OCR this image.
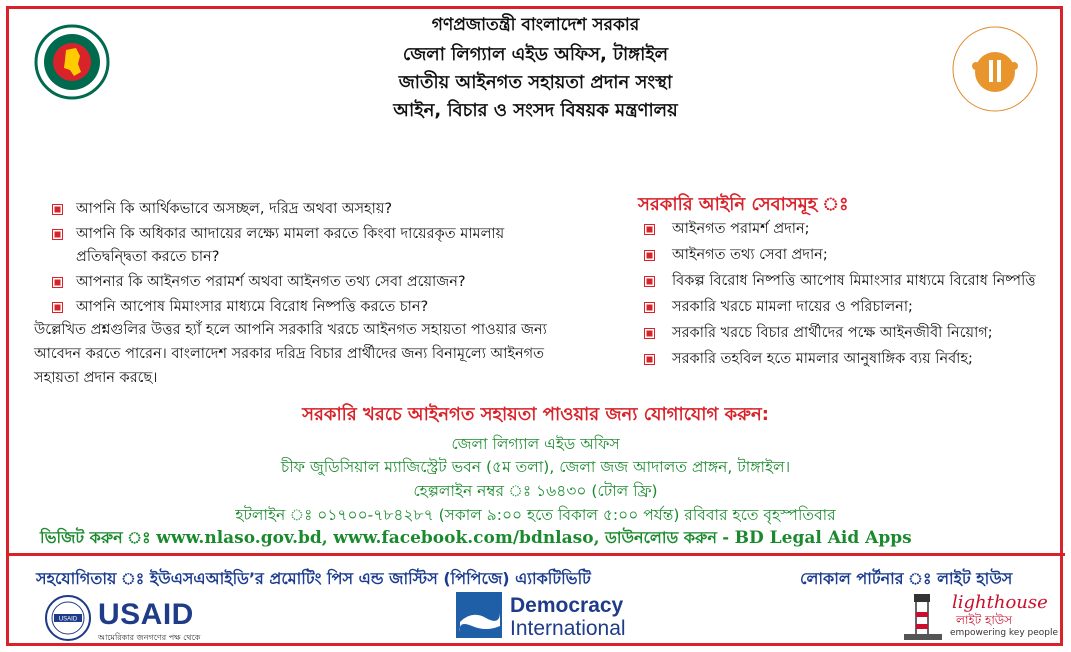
গণপ্রজাতন্ত্রী বাংলাদেশ সরকার
জেলা লিগ্যাল এইড অফিস, টাঙ্গাইল
জাতীয় আইনগত সহায়তা প্রদান সংস্থা
আইন, বিচার ও সংসদ বিষয়ক মন্ত্রণালয়
আপনি কি আর্থিকভাবে অসচ্ছল, দরিদ্র অথবা অসহায়?
আপনি কি অধিকার আদায়ের লক্ষ্যে মামলা করতে কিংবা দায়েরকৃত মামলায় প্রতিদ্বন্দ্বিতা করতে চান?
আপনার কি আইনগত পরামর্শ অথবা আইনগত তথ্য সেবা প্রয়োজন?
আপনি আপোষ মিমাংসার মাধ্যমে বিরোধ নিষ্পত্তি করতে চান?
উল্লেখিত প্রশ্নগুলির উত্তর হ্যাঁ হলে আপনি সরকারি খরচে আইনগত সহায়তা পাওয়ার জন্য আবেদন করতে পারেন। বাংলাদেশ সরকার দরিদ্র বিচার প্রার্থীদের জন্য বিনামূল্যে আইনগত সহায়তা প্রদান করছে।
সরকারি আইনি সেবাসমূহ ঃ
আইনগত পরামর্শ প্রদান;
আইনগত তথ্য সেবা প্রদান;
বিকল্প বিরোধ নিষ্পত্তি আপোষ মিমাংসার মাধ্যমে বিরোধ নিষ্পত্তি
সরকারি খরচে মামলা দায়ের ও পরিচালনা;
সরকারি খরচে বিচার প্রার্থীদের পক্ষে আইনজীবী নিয়োগ;
সরকারি তহবিল হতে মামলার আনুষাঙ্গিক ব্যয় নির্বাহ;
সরকারি খরচে আইনগত সহায়তা পাওয়ার জন্য যোগাযোগ করুন:
জেলা লিগ্যাল এইড অফিস
চীফ জুডিসিয়াল ম্যাজিস্ট্রেট ভবন (৫ম তলা), জেলা জজ আদালত প্রাঙ্গন, টাঙ্গাইল।
হেল্পলাইন নম্বর ঃ ১৬৪৩০ (টোল ফ্রি)
হটলাইন ঃ ০১৭০০-৭৮৪২৮৭ (সকাল ৯:০০ হতে বিকাল ৫:০০ পর্যন্ত) রবিবার হতে বৃহস্পতিবার
ভিজিট করুন ঃ www.nlaso.gov.bd, www.facebook.com/bdnlaso, ডাউনলোড করুন - BD Legal Aid Apps
সহযোগিতায় ঃ ইউএসএআইডি’র প্রমোটিং পিস এন্ড জাস্টিস (পিপিজে) এ্যাকটিভিটি	লোকাল পার্টনার ঃ লাইট হাউস
USAID USAID
আমেরিকার জনগণের পক্ষ থেকে
Democracy
International
lighthouse
লাইট হাউস
empowering key people
